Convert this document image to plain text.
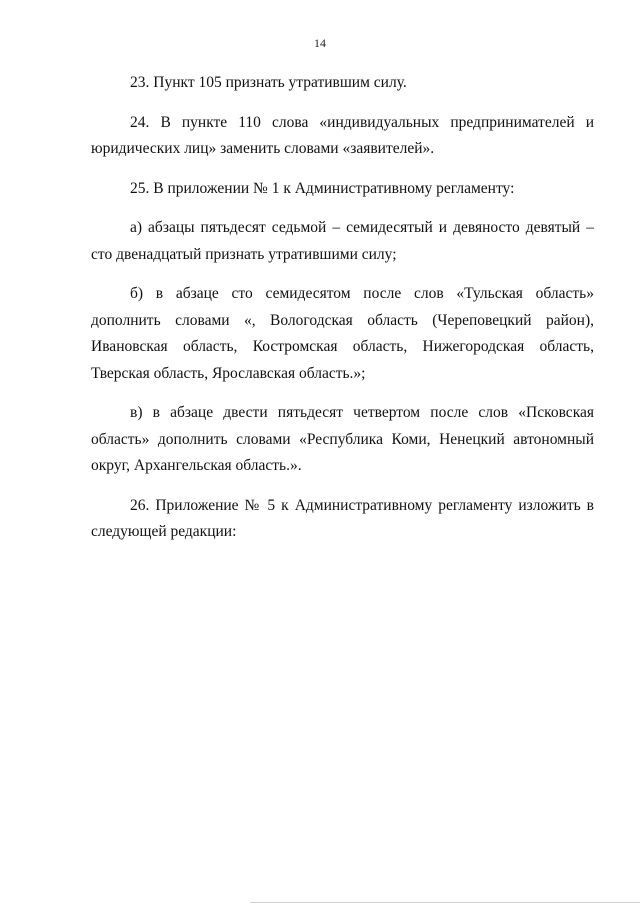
14

23. Пункт 105 признать утратившим силу.

24. В пункте 110 слова «индивидуальных предпринимателей и юридических лиц» заменить словами «заявителей».

25. В приложении № 1 к Административному регламенту:

а) абзацы пятьдесят седьмой – семидесятый и девяносто девятый – сто двенадцатый признать утратившими силу;

б) в абзаце сто семидесятом после слов «Тульская область» дополнить словами «, Вологодская область (Череповецкий район), Ивановская область, Костромская область, Нижегородская область, Тверская область, Ярославская область.»;

в) в абзаце двести пятьдесят четвертом после слов «Псковская область» дополнить словами «Республика Коми, Ненецкий автономный округ, Архангельская область.».

26. Приложение № 5 к Административному регламенту изложить в следующей редакции:
